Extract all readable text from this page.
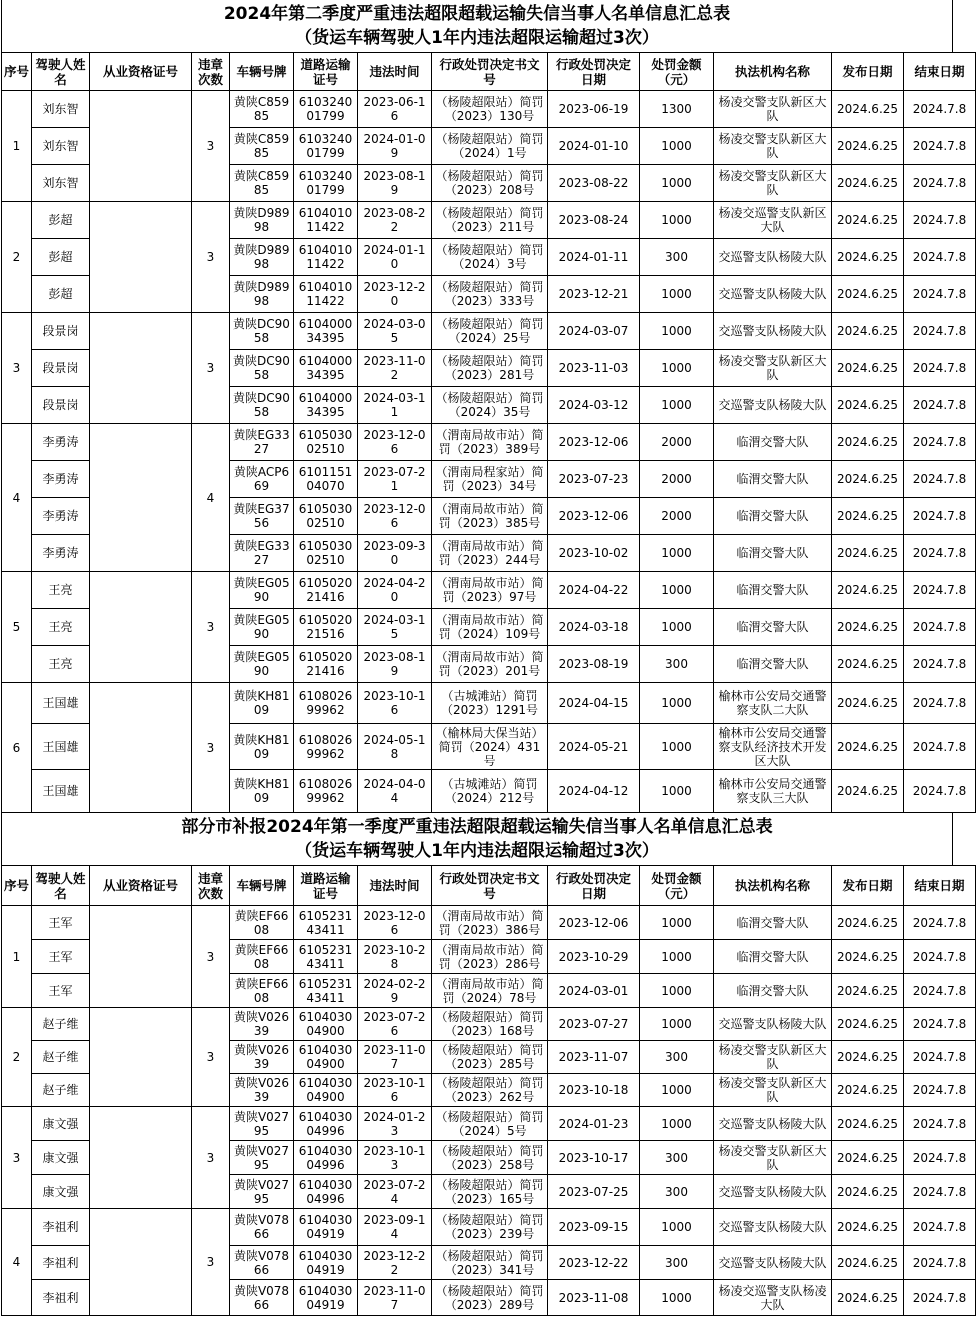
2024年第二季度严重违法超限超载运输失信当事人名单信息汇总表
（货运车辆驾驶人1年内违法超限运输超过3次）
序号	驾驶人姓名	从业资格证号	违章次数	车辆号牌	道路运输证号	违法时间	行政处罚决定书文号	行政处罚决定日期	处罚金额（元）	执法机构名称	发布日期	结束日期
1	刘东智		3	黄陕C85985	610324001799	2023-06-16	（杨陵超限站）简罚（2023）130号	2023-06-19	1300	杨凌交警支队新区大队	2024.6.25	2024.7.8
	刘东智			黄陕C85985	610324001799	2024-01-09	（杨陵超限站）简罚（2024）1号	2024-01-10	1000	杨凌交警支队新区大队	2024.6.25	2024.7.8
	刘东智			黄陕C85985	610324001799	2023-08-19	（杨陵超限站）简罚（2023）208号	2023-08-22	1000	杨凌交警支队新区大队	2024.6.25	2024.7.8
2	彭超		3	黄陕D98998	610401011422	2023-08-22	（杨陵超限站）简罚（2023）211号	2023-08-24	1000	杨凌交巡警支队新区大队	2024.6.25	2024.7.8
	彭超			黄陕D98998	610401011422	2024-01-10	（杨陵超限站）简罚（2024）3号	2024-01-11	300	交巡警支队杨陵大队	2024.6.25	2024.7.8
	彭超			黄陕D98998	610401011422	2023-12-20	（杨陵超限站）简罚（2023）333号	2023-12-21	1000	交巡警支队杨陵大队	2024.6.25	2024.7.8
3	段景岗		3	黄陕DC9058	610400034395	2024-03-05	（杨陵超限站）简罚（2024）25号	2024-03-07	1000	交巡警支队杨陵大队	2024.6.25	2024.7.8
	段景岗			黄陕DC9058	610400034395	2023-11-02	（杨陵超限站）简罚（2023）281号	2023-11-03	1000	杨凌交警支队新区大队	2024.6.25	2024.7.8
	段景岗			黄陕DC9058	610400034395	2024-03-11	（杨陵超限站）简罚（2024）35号	2024-03-12	1000	交巡警支队杨陵大队	2024.6.25	2024.7.8
4	李勇涛		4	黄陕EG3327	610503002510	2023-12-06	（渭南局故市站）简罚（2023）389号	2023-12-06	2000	临渭交警大队	2024.6.25	2024.7.8
	李勇涛			黄陕ACP669	610115104070	2023-07-21	（渭南局程家站）简罚（2023）34号	2023-07-23	2000	临渭交警大队	2024.6.25	2024.7.8
	李勇涛			黄陕EG3756	610503002510	2023-12-06	（渭南局故市站）简罚（2023）385号	2023-12-06	2000	临渭交警大队	2024.6.25	2024.7.8
	李勇涛			黄陕EG3327	610503002510	2023-09-30	（渭南局故市站）简罚（2023）244号	2023-10-02	1000	临渭交警大队	2024.6.25	2024.7.8
5	王亮		3	黄陕EG0590	610502021416	2024-04-20	（渭南局故市站）简罚（2023）97号	2024-04-22	1000	临渭交警大队	2024.6.25	2024.7.8
	王亮			黄陕EG0590	610502021516	2024-03-15	（渭南局故市站）简罚（2024）109号	2024-03-18	1000	临渭交警大队	2024.6.25	2024.7.8
	王亮			黄陕EG0590	610502021416	2023-08-19	（渭南局故市站）简罚（2023）201号	2023-08-19	300	临渭交警大队	2024.6.25	2024.7.8
6	王国雄		3	黄陕KH8109	610802699962	2023-10-16	（古城滩站）简罚（2023）1291号	2024-04-15	1000	榆林市公安局交通警察支队二大队	2024.6.25	2024.7.8
	王国雄			黄陕KH8109	610802699962	2024-05-18	（榆林局大保当站）简罚（2024）431号	2024-05-21	1000	榆林市公安局交通警察支队经济技术开发区大队	2024.6.25	2024.7.8
	王国雄			黄陕KH8109	610802699962	2024-04-04	（古城滩站）简罚（2024）212号	2024-04-12	1000	榆林市公安局交通警察支队三大队	2024.6.25	2024.7.8
部分市补报2024年第一季度严重违法超限超载运输失信当事人名单信息汇总表
（货运车辆驾驶人1年内违法超限运输超过3次）
序号	驾驶人姓名	从业资格证号	违章次数	车辆号牌	道路运输证号	违法时间	行政处罚决定书文号	行政处罚决定日期	处罚金额（元）	执法机构名称	发布日期	结束日期
1	王军		3	黄陕EF6608	610523143411	2023-12-06	（渭南局故市站）简罚（2023）386号	2023-12-06	1000	临渭交警大队	2024.6.25	2024.7.8
	王军			黄陕EF6608	610523143411	2023-10-28	（渭南局故市站）简罚（2023）286号	2023-10-29	1000	临渭交警大队	2024.6.25	2024.7.8
	王军			黄陕EF6608	610523143411	2024-02-29	（渭南局故市站）简罚（2024）78号	2024-03-01	1000	临渭交警大队	2024.6.25	2024.7.8
2	赵子维		3	黄陕V02639	610403004900	2023-07-26	（杨陵超限站）简罚（2023）168号	2023-07-27	1000	交巡警支队杨陵大队	2024.6.25	2024.7.8
	赵子维			黄陕V02639	610403004900	2023-11-07	（杨陵超限站）简罚（2023）285号	2023-11-07	300	杨凌交警支队新区大队	2024.6.25	2024.7.8
	赵子维			黄陕V02639	610403004900	2023-10-16	（杨陵超限站）简罚（2023）262号	2023-10-18	1000	杨凌交警支队新区大队	2024.6.25	2024.7.8
3	康文强		3	黄陕V02795	610403004996	2024-01-23	（杨陵超限站）简罚（2024）5号	2024-01-23	1000	交巡警支队杨陵大队	2024.6.25	2024.7.8
	康文强			黄陕V02795	610403004996	2023-10-13	（杨陵超限站）简罚（2023）258号	2023-10-17	300	杨凌交警支队新区大队	2024.6.25	2024.7.8
	康文强			黄陕V02795	610403004996	2023-07-24	（杨陵超限站）简罚（2023）165号	2023-07-25	300	交巡警支队杨陵大队	2024.6.25	2024.7.8
4	李祖利		3	黄陕V07866	610403004919	2023-09-14	（杨陵超限站）简罚（2023）239号	2023-09-15	1000	交巡警支队杨陵大队	2024.6.25	2024.7.8
	李祖利			黄陕V07866	610403004919	2023-12-22	（杨陵超限站）简罚（2023）341号	2023-12-22	300	交巡警支队杨陵大队	2024.6.25	2024.7.8
	李祖利			黄陕V07866	610403004919	2023-11-07	（杨陵超限站）简罚（2023）289号	2023-11-08	1000	杨凌交巡警支队杨凌大队	2024.6.25	2024.7.8
